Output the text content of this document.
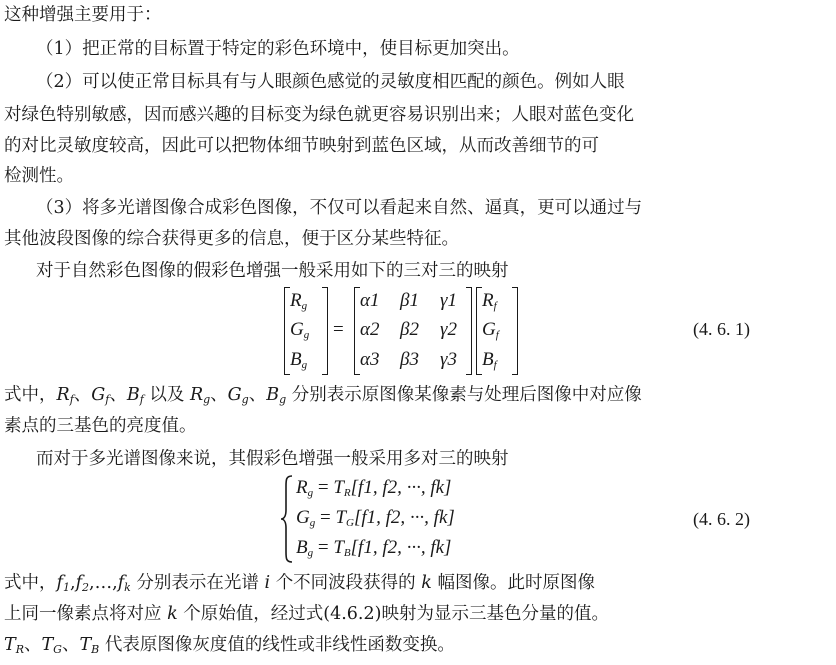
这种增强主要用于：
（1）把正常的目标置于特定的彩色环境中，使目标更加突出。
（2）可以使正常目标具有与人眼颜色感觉的灵敏度相匹配的颜色。例如人眼
对绿色特别敏感，因而感兴趣的目标变为绿色就更容易识别出来；人眼对蓝色变化
的对比灵敏度较高，因此可以把物体细节映射到蓝色区域，从而改善细节的可
检测性。
（3）将多光谱图像合成彩色图像，不仅可以看起来自然、逼真，更可以通过与
其他波段图像的综合获得更多的信息，便于区分某些特征。
对于自然彩色图像的假彩色增强一般采用如下的三对三的映射
$R_g$
$G_g$
$B_g$
=
α1 β1 γ1
α2 β2 γ2
α3 β3 γ3
$R_f$
$G_f$
$B_f$
(4. 6. 1)
式中，$R_f$、$G_f$、$B_f$ 以及 $R_g$、$G_g$、$B_g$ 分别表示原图像某像素与处理后图像中对应像
素点的三基色的亮度值。
而对于多光谱图像来说，其假彩色增强一般采用多对三的映射
$R_g = T_R[f1$, f2, ···, fk]
$G_g = T_G[f1$, f2, ···, fk]
$B_g = T_B[f1$, f2, ···, fk]
(4. 6. 2)
式中，$f_1,f_2,\dots,f_k$ 分别表示在光谱 i 个不同波段获得的 k 幅图像。此时原图像
上同一像素点将对应 k 个原始值，经过式(4.6.2)映射为显示三基色分量的值。
$T_R$、$T_G$、$T_B$ 代表原图像灰度值的线性或非线性函数变换。
